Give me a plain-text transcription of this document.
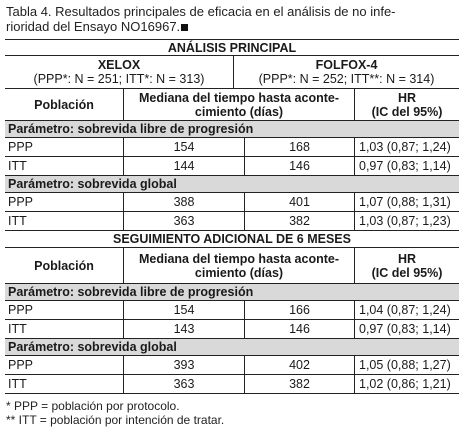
Tabla 4. Resultados principales de eficacia en el análisis de no infe-
rioridad del Ensayo NO16967.
ANÁLISIS PRINCIPAL
XELOX
(PPP*: N = 251; ITT*: N = 313)
FOLFOX-4
(PPP*: N = 252; ITT**: N = 314)
Población	Mediana del tiempo hasta aconte-
cimiento (días)
HR
(IC del 95%)
Parámetro: sobrevida libre de progresión
PPP	154	168	1,03 (0,87; 1,24)
ITT	144	146	0,97 (0,83; 1,14)
Parámetro: sobrevida global
PPP	388	401	1,07 (0,88; 1,31)
ITT	363	382	1,03 (0,87; 1,23)
SEGUIMIENTO ADICIONAL DE 6 MESES
Población	Mediana del tiempo hasta aconte-
cimiento (días)
HR
(IC del 95%)
Parámetro: sobrevida libre de progresión
PPP	154	166	1,04 (0,87; 1,24)
ITT	143	146	0,97 (0,83; 1,14)
Parámetro: sobrevida global
PPP	393	402	1,05 (0,88; 1,27)
ITT	363	382	1,02 (0,86; 1,21)
* PPP = población por protocolo.
** ITT = población por intención de tratar.
